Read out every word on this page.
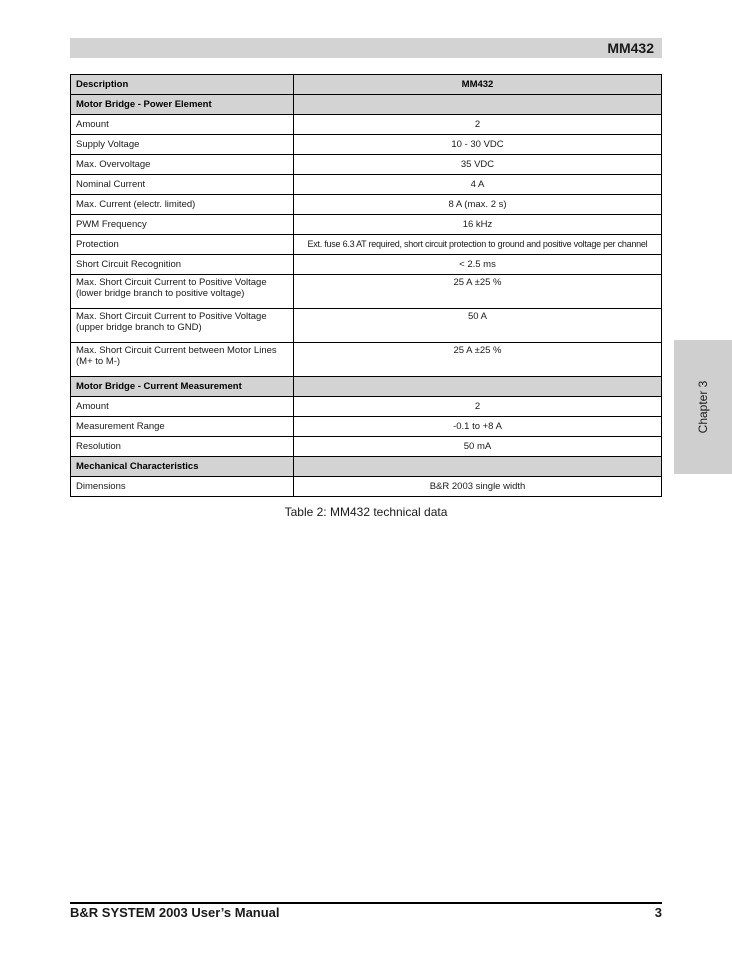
MM432
Description	MM432
Motor Bridge - Power Element	
Amount	2
Supply Voltage	10 - 30 VDC
Max. Overvoltage	35 VDC
Nominal Current	4 A
Max. Current (electr. limited)	8 A (max. 2 s)
PWM Frequency	16 kHz
Protection	Ext. fuse 6.3 AT required, short circuit protection to ground and positive voltage per channel
Short Circuit Recognition	< 2.5 ms
Max. Short Circuit Current to Positive Voltage
(lower bridge branch to positive voltage)	25 A ±25 %
Max. Short Circuit Current to Positive Voltage
(upper bridge branch to GND)	50 A
Max. Short Circuit Current between Motor Lines
(M+ to M-)	25 A ±25 %
Motor Bridge - Current Measurement	
Amount	2
Measurement Range	-0.1 to +8 A
Resolution	50 mA
Mechanical Characteristics	
Dimensions	B&R 2003 single width
Table 2: MM432 technical data
Chapter 3
B&R SYSTEM 2003 User’s Manual	3
